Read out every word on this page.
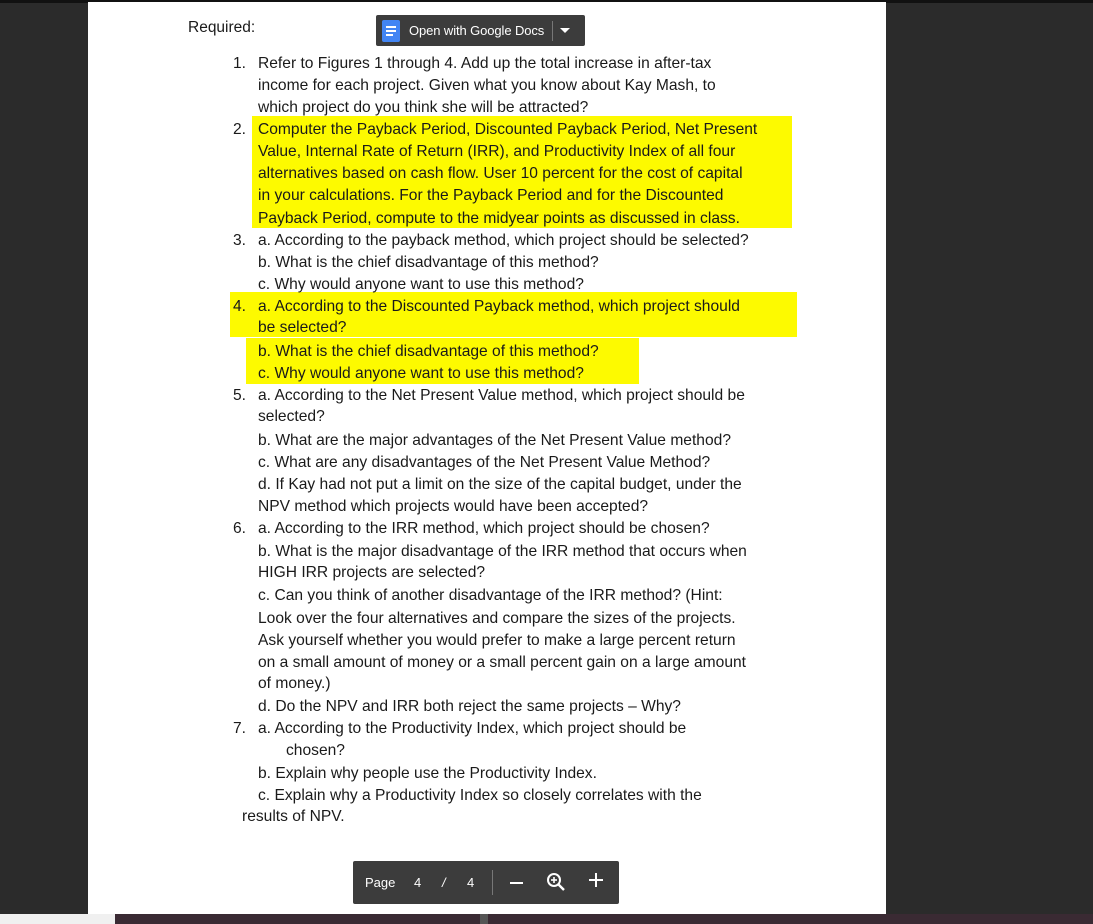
Required:
1.
2.
3.
4.
5.
6.
7.
Refer to Figures 1 through 4. Add up the total increase in after-tax
income for each project. Given what you know about Kay Mash, to
which project do you think she will be attracted?
Computer the Payback Period, Discounted Payback Period, Net Present
Value, Internal Rate of Return (IRR), and Productivity Index of all four
alternatives based on cash flow. User 10 percent for the cost of capital
in your calculations. For the Payback Period and for the Discounted
Payback Period, compute to the midyear points as discussed in class.
a. According to the payback method, which project should be selected?
b. What is the chief disadvantage of this method?
c. Why would anyone want to use this method?
a. According to the Discounted Payback method, which project should
be selected?
b. What is the chief disadvantage of this method?
c. Why would anyone want to use this method?
a. According to the Net Present Value method, which project should be
selected?
b. What are the major advantages of the Net Present Value method?
c. What are any disadvantages of the Net Present Value Method?
d. If Kay had not put a limit on the size of the capital budget, under the
NPV method which projects would have been accepted?
a. According to the IRR method, which project should be chosen?
b. What is the major disadvantage of the IRR method that occurs when
HIGH IRR projects are selected?
c. Can you think of another disadvantage of the IRR method? (Hint:
Look over the four alternatives and compare the sizes of the projects.
Ask yourself whether you would prefer to make a large percent return
on a small amount of money or a small percent gain on a large amount
of money.)
d. Do the NPV and IRR both reject the same projects – Why?
a. According to the Productivity Index, which project should be
chosen?
b. Explain why people use the Productivity Index.
c. Explain why a Productivity Index so closely correlates with the
results of NPV.
Open with Google Docs
Page 4 / 4
